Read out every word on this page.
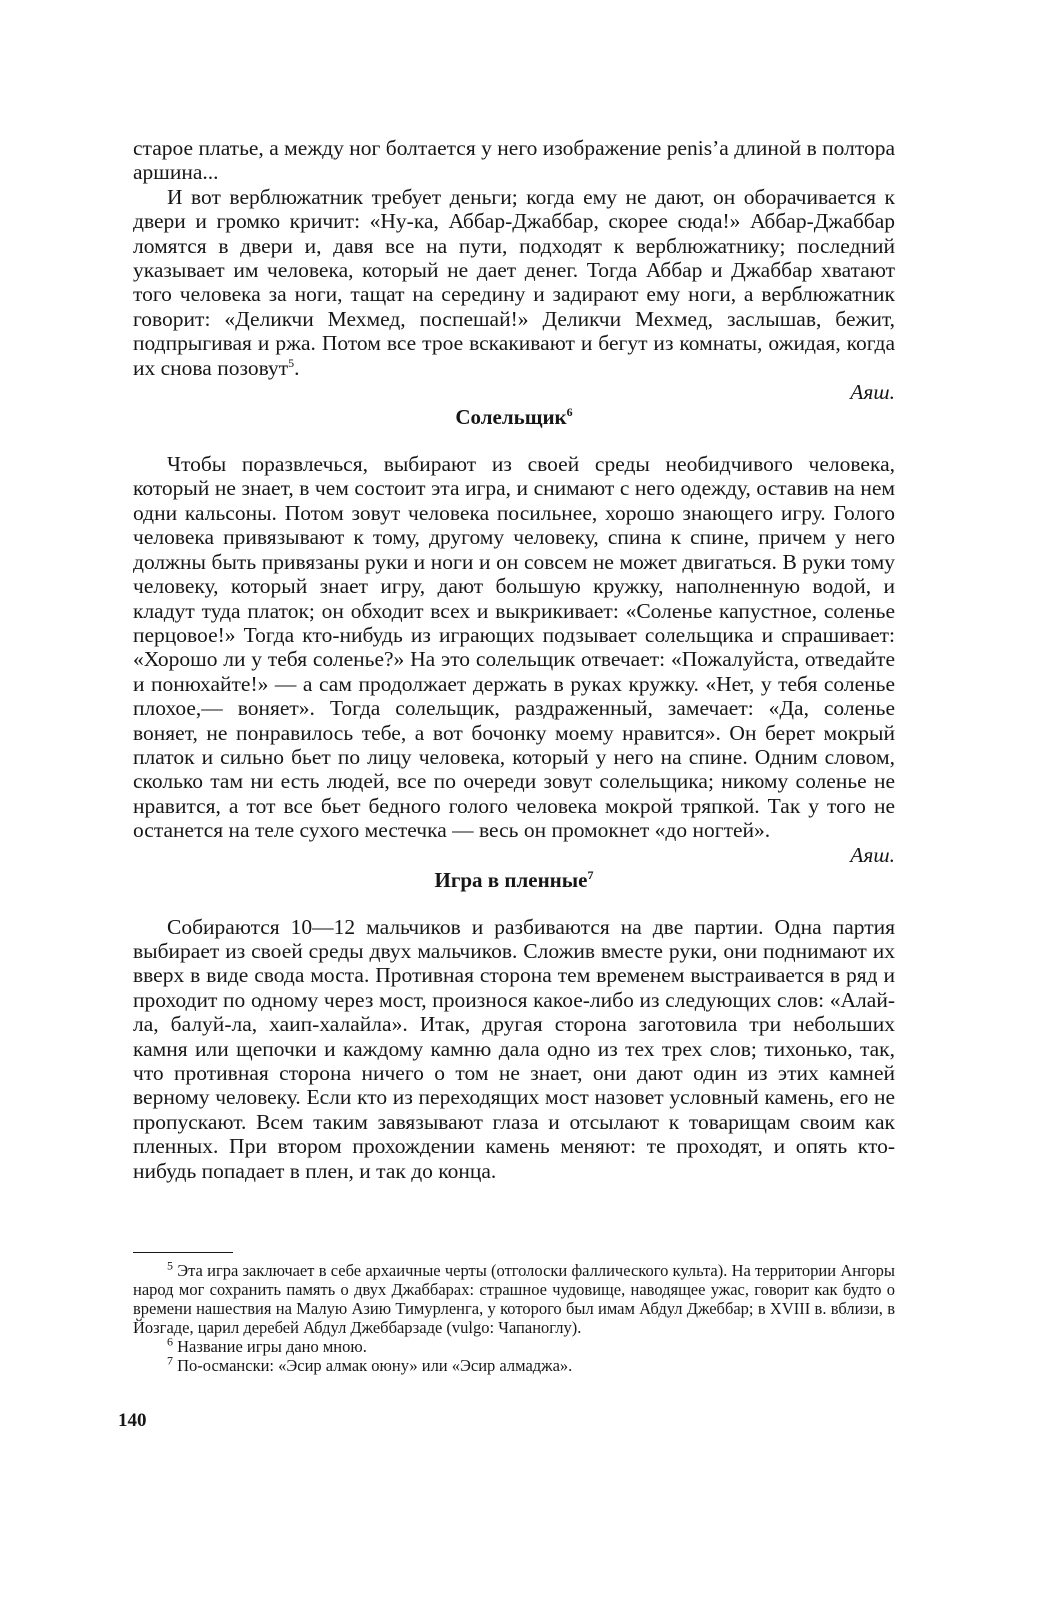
старое платье, а между ног болтается у него изображение penis’а длиной в полтора аршина...

И вот верблюжатник требует деньги; когда ему не дают, он оборачивается к двери и громко кричит: «Ну-ка, Аббар-Джаббар, скорее сюда!» Аббар-Джаббар ломятся в двери и, давя все на пути, подходят к верблюжатнику; последний указывает им человека, который не дает денег. Тогда Аббар и Джаббар хватают того человека за ноги, тащат на середину и задирают ему ноги, а верблюжатник говорит: «Деликчи Мехмед, поспешай!» Деликчи Мехмед, заслышав, бежит, подпрыгивая и ржа. Потом все трое вскакивают и бегут из комнаты, ожидая, когда их снова позовут$^5$.

Аяш.

Солельщик$^6$

Чтобы поразвлечься, выбирают из своей среды необидчивого человека, который не знает, в чем состоит эта игра, и снимают с него одежду, оставив на нем одни кальсоны. Потом зовут человека посильнее, хорошо знающего игру. Голого человека привязывают к тому, другому человеку, спина к спине, причем у него должны быть привязаны руки и ноги и он совсем не может двигаться. В руки тому человеку, который знает игру, дают большую кружку, наполненную водой, и кладут туда платок; он обходит всех и выкрикивает: «Соленье капустное, соленье перцовое!» Тогда кто-нибудь из играющих подзывает солельщика и спрашивает: «Хорошо ли у тебя соленье?» На это солельщик отвечает: «Пожалуйста, отведайте и понюхайте!» — а сам продолжает держать в руках кружку. «Нет, у тебя соленье плохое,— воняет». Тогда солельщик, раздраженный, замечает: «Да, соленье воняет, не понравилось тебе, а вот бочонку моему нравится». Он берет мокрый платок и сильно бьет по лицу человека, который у него на спине. Одним словом, сколько там ни есть людей, все по очереди зовут солельщика; никому соленье не нравится, а тот все бьет бедного голого человека мокрой тряпкой. Так у того не останется на теле сухого местечка — весь он промокнет «до ногтей».

Аяш.

Игра в пленные$^7$

Собираются 10—12 мальчиков и разбиваются на две партии. Одна партия выбирает из своей среды двух мальчиков. Сложив вместе руки, они поднимают их вверх в виде свода моста. Противная сторона тем временем выстраивается в ряд и проходит по одному через мост, произнося какое-либо из следующих слов: «Алай-ла, балуй-ла, хаип-халайла». Итак, другая сторона заготовила три небольших камня или щепочки и каждому камню дала одно из тех трех слов; тихонько, так, что противная сторона ничего о том не знает, они дают один из этих камней верному человеку. Если кто из переходящих мост назовет условный камень, его не пропускают. Всем таким завязывают глаза и отсылают к товарищам своим как пленных. При втором прохождении камень меняют: те проходят, и опять кто-нибудь попадает в плен, и так до конца.

$^5$ Эта игра заключает в себе архаичные черты (отголоски фаллического культа). На территории Ангоры народ мог сохранить память о двух Джаббарах: страшное чудовище, наводящее ужас, говорит как будто о времени нашествия на Малую Азию Тимурленга, у которого был имам Абдул Джеббар; в XVIII в. вблизи, в Йозгаде, царил деребей Абдул Джеббарзаде (vulgo: Чапаноглу).

$^6$ Название игры дано мною.

$^7$ По-османски: «Эсир алмак оюну» или «Эсир алмаджа».

140
